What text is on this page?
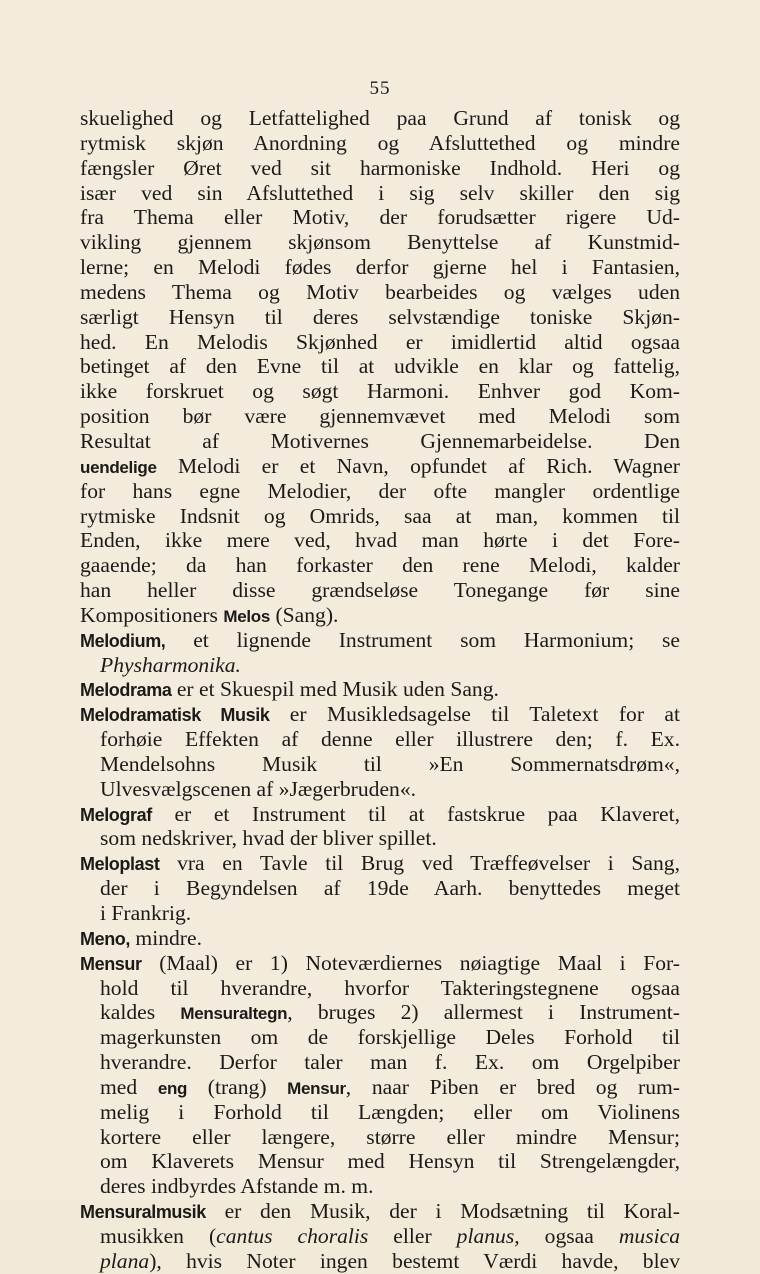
55
skuelighed og Letfattelighed paa Grund af tonisk og
rytmisk skjøn Anordning og Afsluttethed og mindre
fængsler Øret ved sit harmoniske Indhold. Heri og
især ved sin Afsluttethed i sig selv skiller den sig
fra Thema eller Motiv, der forudsætter rigere Ud-
vikling gjennem skjønsom Benyttelse af Kunstmid-
lerne; en Melodi fødes derfor gjerne hel i Fantasien,
medens Thema og Motiv bearbeides og vælges uden
særligt Hensyn til deres selvstændige toniske Skjøn-
hed. En Melodis Skjønhed er imidlertid altid ogsaa
betinget af den Evne til at udvikle en klar og fattelig,
ikke forskruet og søgt Harmoni. Enhver god Kom-
position bør være gjennemvævet med Melodi som
Resultat af Motivernes Gjennemarbeidelse. Den
uendelige Melodi er et Navn, opfundet af Rich. Wagner
for hans egne Melodier, der ofte mangler ordentlige
rytmiske Indsnit og Omrids, saa at man, kommen til
Enden, ikke mere ved, hvad man hørte i det Fore-
gaaende; da han forkaster den rene Melodi, kalder
han heller disse grændseløse Tonegange før sine
Kompositioners Melos (Sang).
Melodium, et lignende Instrument som Harmonium; se
Physharmonika.
Melodrama er et Skuespil med Musik uden Sang.
Melodramatisk Musik er Musikledsagelse til Taletext for at
forhøie Effekten af denne eller illustrere den; f. Ex.
Mendelsohns Musik til »En Sommernatsdrøm«,
Ulvesvælgscenen af »Jægerbruden«.
Melograf er et Instrument til at fastskrue paa Klaveret,
som nedskriver, hvad der bliver spillet.
Meloplast vra en Tavle til Brug ved Træffeøvelser i Sang,
der i Begyndelsen af 19de Aarh. benyttedes meget
i Frankrig.
Meno, mindre.
Mensur (Maal) er 1) Noteværdiernes nøiagtige Maal i For-
hold til hverandre, hvorfor Takteringstegnene ogsaa
kaldes Mensuraltegn, bruges 2) allermest i Instrument-
magerkunsten om de forskjellige Deles Forhold til
hverandre. Derfor taler man f. Ex. om Orgelpiber
med eng (trang) Mensur, naar Piben er bred og rum-
melig i Forhold til Længden; eller om Violinens
kortere eller længere, større eller mindre Mensur;
om Klaverets Mensur med Hensyn til Strengelængder,
deres indbyrdes Afstande m. m.
Mensuralmusik er den Musik, der i Modsætning til Koral-
musikken (cantus choralis eller planus, ogsaa musica
plana), hvis Noter ingen bestemt Værdi havde, blev
